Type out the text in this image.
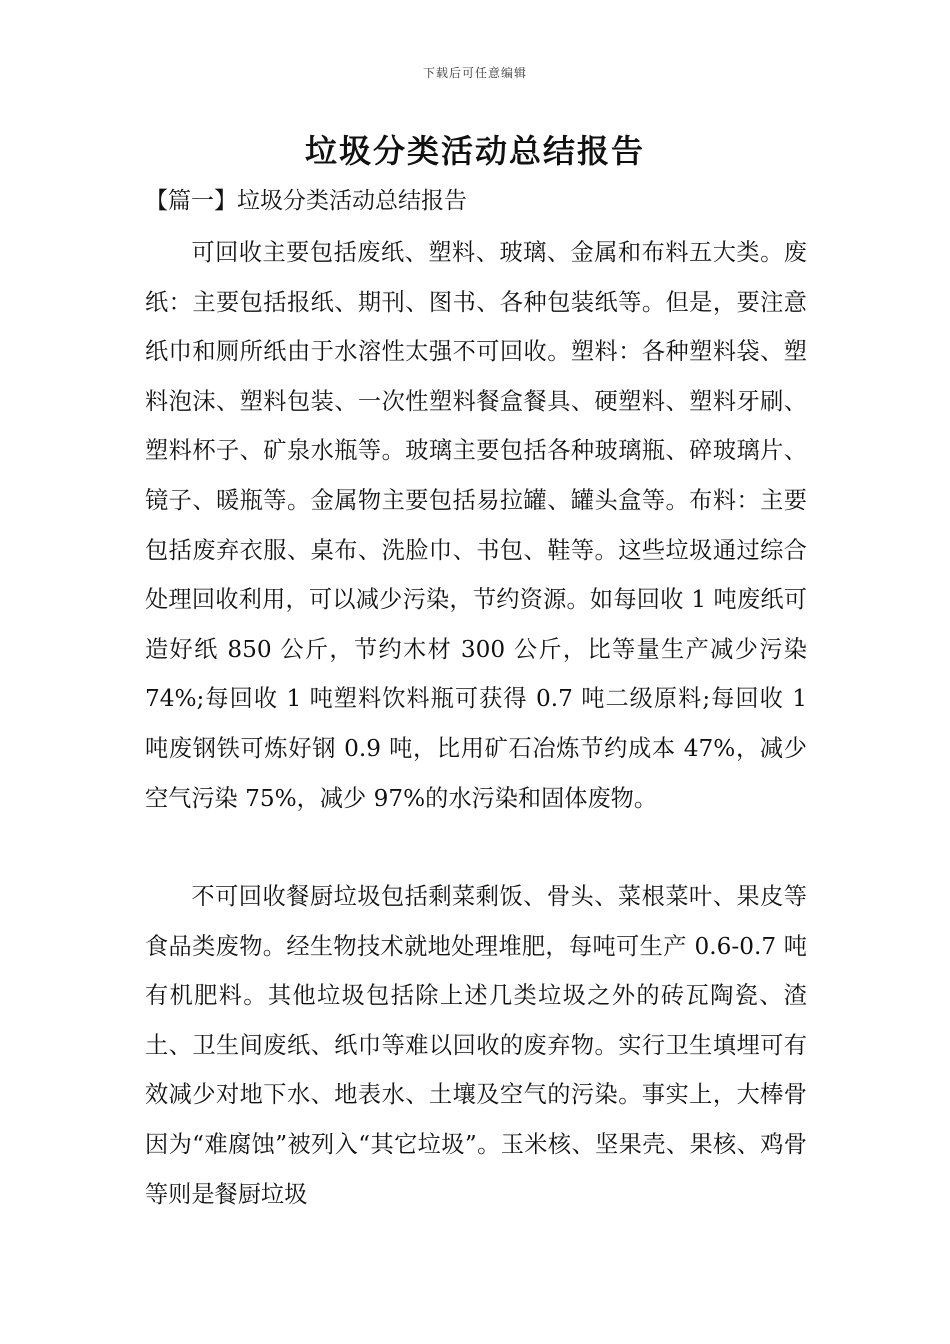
下载后可任意编辑
垃圾分类活动总结报告
【篇一】垃圾分类活动总结报告

可回收主要包括废纸、塑料、玻璃、金属和布料五大类。废纸：主要包括报纸、期刊、图书、各种包装纸等。但是，要注意纸巾和厕所纸由于水溶性太强不可回收。塑料：各种塑料袋、塑料泡沫、塑料包装、一次性塑料餐盒餐具、硬塑料、塑料牙刷、塑料杯子、矿泉水瓶等。玻璃主要包括各种玻璃瓶、碎玻璃片、镜子、暖瓶等。金属物主要包括易拉罐、罐头盒等。布料：主要包括废弃衣服、桌布、洗脸巾、书包、鞋等。这些垃圾通过综合处理回收利用，可以减少污染，节约资源。如每回收 1 吨废纸可造好纸 850 公斤，节约木材 300 公斤，比等量生产减少污染 74%;每回收 1 吨塑料饮料瓶可获得 0.7 吨二级原料;每回收 1 吨废钢铁可炼好钢 0.9 吨，比用矿石冶炼节约成本 47%，减少空气污染 75%，减少 97%的水污染和固体废物。

不可回收餐厨垃圾包括剩菜剩饭、骨头、菜根菜叶、果皮等食品类废物。经生物技术就地处理堆肥，每吨可生产 0.6-0.7 吨有机肥料。其他垃圾包括除上述几类垃圾之外的砖瓦陶瓷、渣土、卫生间废纸、纸巾等难以回收的废弃物。实行卫生填埋可有效减少对地下水、地表水、土壤及空气的污染。事实上，大棒骨因为“难腐蚀”被列入“其它垃圾”。玉米核、坚果壳、果核、鸡骨等则是餐厨垃圾
